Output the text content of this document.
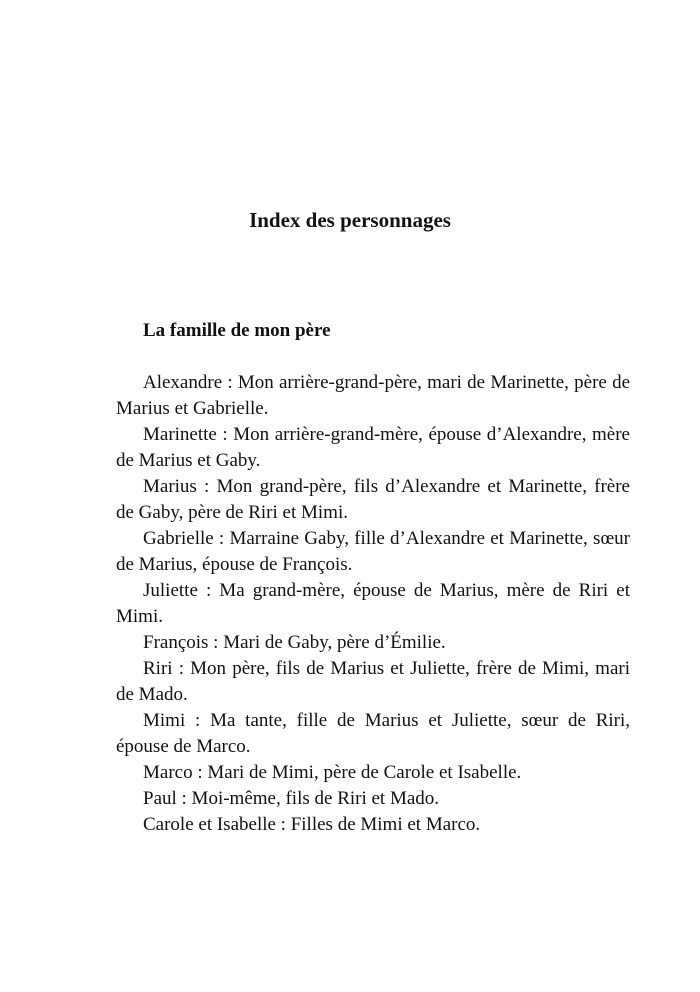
Index des personnages
La famille de mon père

Alexandre : Mon arrière-grand-père, mari de Marinette, père de Marius et Gabrielle.

Marinette : Mon arrière-grand-mère, épouse d’Alexandre, mère de Marius et Gaby.

Marius : Mon grand-père, fils d’Alexandre et Marinette, frère de Gaby, père de Riri et Mimi.

Gabrielle : Marraine Gaby, fille d’Alexandre et Marinette, sœur de Marius, épouse de François.

Juliette : Ma grand-mère, épouse de Marius, mère de Riri et Mimi.

François : Mari de Gaby, père d’Émilie.

Riri : Mon père, fils de Marius et Juliette, frère de Mimi, mari de Mado.

Mimi : Ma tante, fille de Marius et Juliette, sœur de Riri, épouse de Marco.

Marco : Mari de Mimi, père de Carole et Isabelle.

Paul : Moi-même, fils de Riri et Mado.

Carole et Isabelle : Filles de Mimi et Marco.
